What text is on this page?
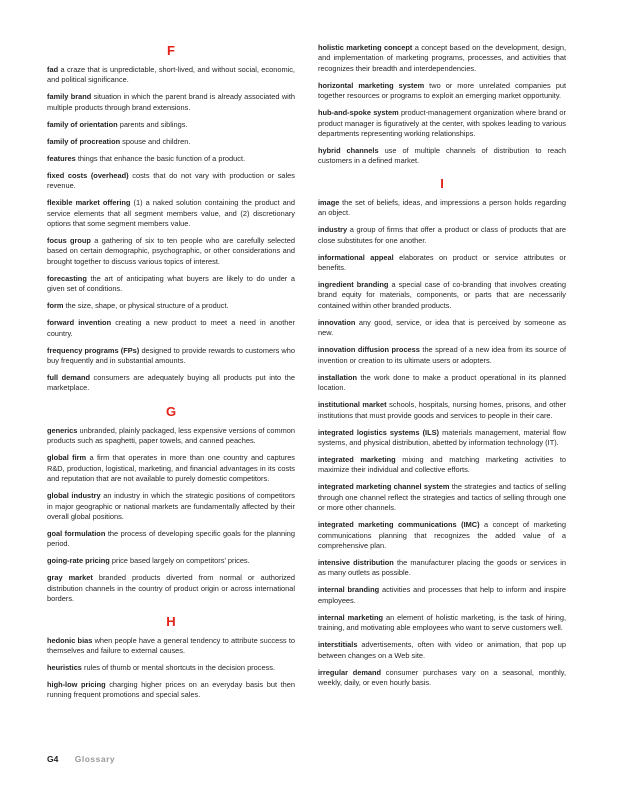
F

fad a craze that is unpredictable, short-lived, and without social, economic, and political significance.

family brand situation in which the parent brand is already associated with multiple products through brand extensions.

family of orientation parents and siblings.

family of procreation spouse and children.

features things that enhance the basic function of a product.

fixed costs (overhead) costs that do not vary with production or sales revenue.

flexible market offering (1) a naked solution containing the product and service elements that all segment members value, and (2) discretionary options that some segment members value.

focus group a gathering of six to ten people who are carefully selected based on certain demographic, psychographic, or other considerations and brought together to discuss various topics of interest.

forecasting the art of anticipating what buyers are likely to do under a given set of conditions.

form the size, shape, or physical structure of a product.

forward invention creating a new product to meet a need in another country.

frequency programs (FPs) designed to provide rewards to customers who buy frequently and in substantial amounts.

full demand consumers are adequately buying all products put into the marketplace.

G

generics unbranded, plainly packaged, less expensive versions of common products such as spaghetti, paper towels, and canned peaches.

global firm a firm that operates in more than one country and captures R&D, production, logistical, marketing, and financial advantages in its costs and reputation that are not available to purely domestic competitors.

global industry an industry in which the strategic positions of competitors in major geographic or national markets are fundamentally affected by their overall global positions.

goal formulation the process of developing specific goals for the planning period.

going-rate pricing price based largely on competitors' prices.

gray market branded products diverted from normal or authorized distribution channels in the country of product origin or across international borders.

H

hedonic bias when people have a general tendency to attribute success to themselves and failure to external causes.

heuristics rules of thumb or mental shortcuts in the decision process.

high-low pricing charging higher prices on an everyday basis but then running frequent promotions and special sales.

holistic marketing concept a concept based on the development, design, and implementation of marketing programs, processes, and activities that recognizes their breadth and interdependencies.

horizontal marketing system two or more unrelated companies put together resources or programs to exploit an emerging market opportunity.

hub-and-spoke system product-management organization where brand or product manager is figuratively at the center, with spokes leading to various departments representing working relationships.

hybrid channels use of multiple channels of distribution to reach customers in a defined market.

I

image the set of beliefs, ideas, and impressions a person holds regarding an object.

industry a group of firms that offer a product or class of products that are close substitutes for one another.

informational appeal elaborates on product or service attributes or benefits.

ingredient branding a special case of co-branding that involves creating brand equity for materials, components, or parts that are necessarily contained within other branded products.

innovation any good, service, or idea that is perceived by someone as new.

innovation diffusion process the spread of a new idea from its source of invention or creation to its ultimate users or adopters.

installation the work done to make a product operational in its planned location.

institutional market schools, hospitals, nursing homes, prisons, and other institutions that must provide goods and services to people in their care.

integrated logistics systems (ILS) materials management, material flow systems, and physical distribution, abetted by information technology (IT).

integrated marketing mixing and matching marketing activities to maximize their individual and collective efforts.

integrated marketing channel system the strategies and tactics of selling through one channel reflect the strategies and tactics of selling through one or more other channels.

integrated marketing communications (IMC) a concept of marketing communications planning that recognizes the added value of a comprehensive plan.

intensive distribution the manufacturer placing the goods or services in as many outlets as possible.

internal branding activities and processes that help to inform and inspire employees.

internal marketing an element of holistic marketing, is the task of hiring, training, and motivating able employees who want to serve customers well.

interstitials advertisements, often with video or animation, that pop up between changes on a Web site.

irregular demand consumer purchases vary on a seasonal, monthly, weekly, daily, or even hourly basis.

G4 Glossary
